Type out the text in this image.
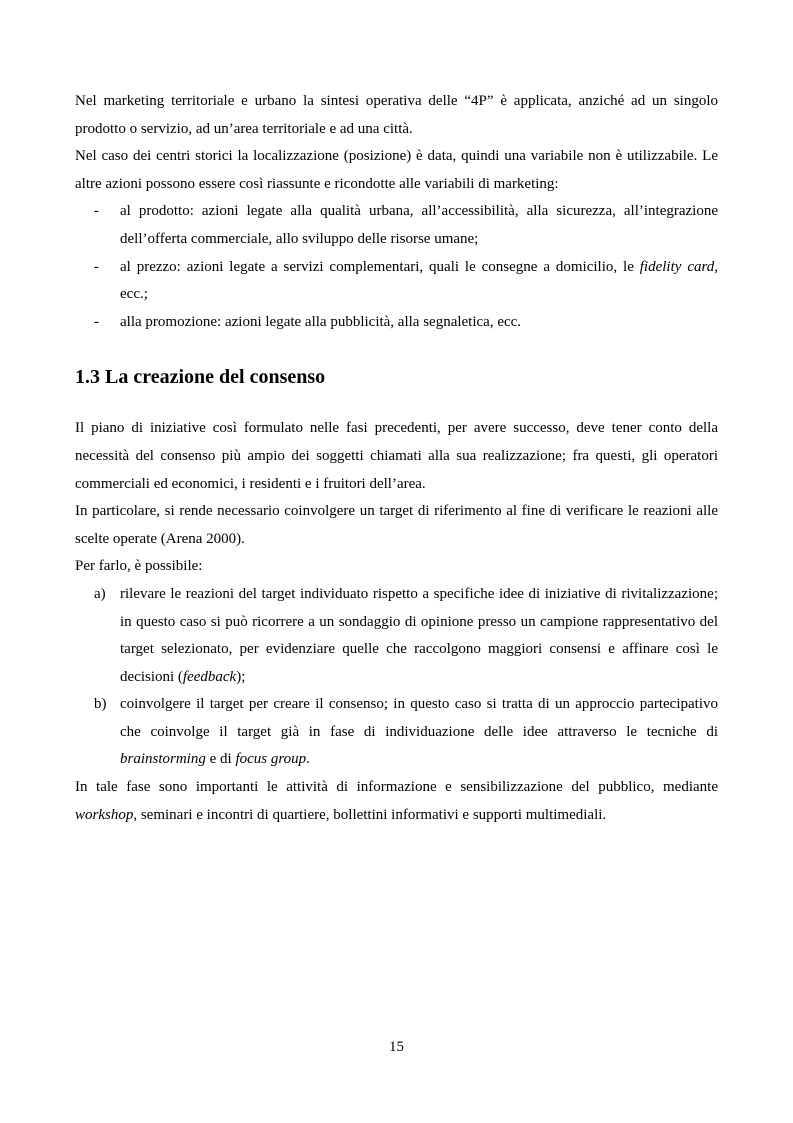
Nel marketing territoriale e urbano la sintesi operativa delle “4P” è applicata, anziché ad un singolo prodotto o servizio, ad un’area territoriale e ad una città.

Nel caso dei centri storici la localizzazione (posizione) è data, quindi una variabile non è utilizzabile. Le altre azioni possono essere così riassunte e ricondotte alle variabili di marketing:

- al prodotto: azioni legate alla qualità urbana, all’accessibilità, alla sicurezza, all’integrazione dell’offerta commerciale, allo sviluppo delle risorse umane;
- al prezzo: azioni legate a servizi complementari, quali le consegne a domicilio, le fidelity card, ecc.;
- alla promozione: azioni legate alla pubblicità, alla segnaletica, ecc.
1.3 La creazione del consenso

Il piano di iniziative così formulato nelle fasi precedenti, per avere successo, deve tener conto della necessità del consenso più ampio dei soggetti chiamati alla sua realizzazione; fra questi, gli operatori commerciali ed economici, i residenti e i fruitori dell’area.

In particolare, si rende necessario coinvolgere un target di riferimento al fine di verificare le reazioni alle scelte operate (Arena 2000).

Per farlo, è possibile:

a) rilevare le reazioni del target individuato rispetto a specifiche idee di iniziative di rivitalizzazione; in questo caso si può ricorrere a un sondaggio di opinione presso un campione rappresentativo del target selezionato, per evidenziare quelle che raccolgono maggiori consensi e affinare così le decisioni (feedback);
b) coinvolgere il target per creare il consenso; in questo caso si tratta di un approccio partecipativo che coinvolge il target già in fase di individuazione delle idee attraverso le tecniche di brainstorming e di focus group.

In tale fase sono importanti le attività di informazione e sensibilizzazione del pubblico, mediante workshop, seminari e incontri di quartiere, bollettini informativi e supporti multimediali.

15
